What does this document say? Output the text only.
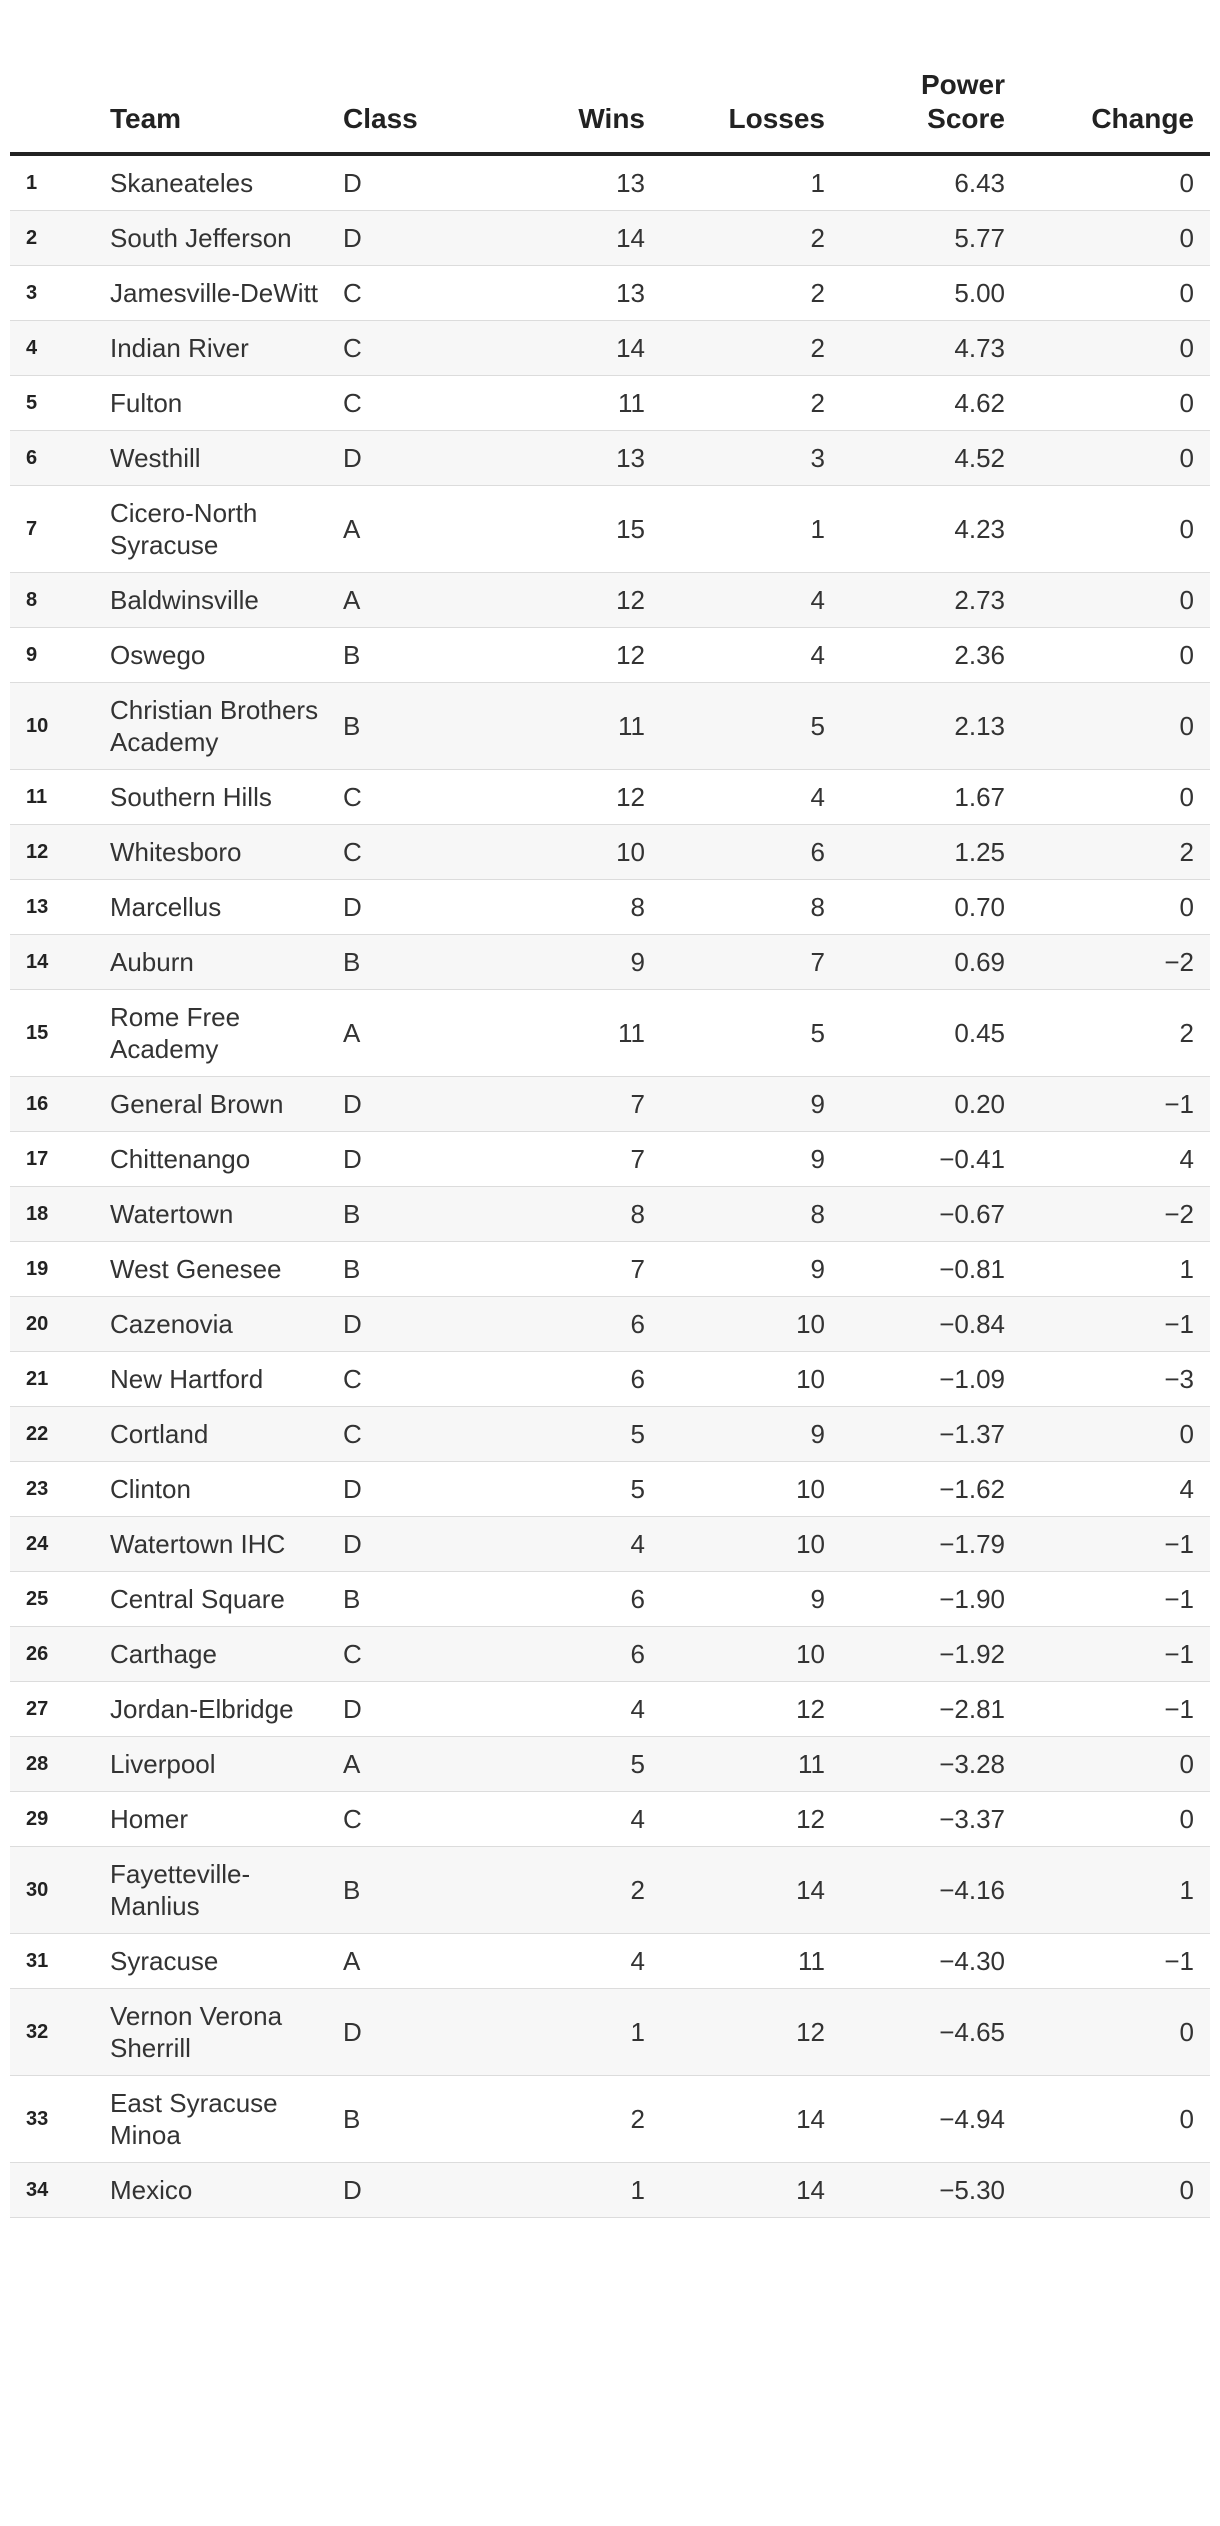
	Team	Class	Wins	Losses	Power Score	Change
1	Skaneateles	D	13	1	6.43	0
2	South Jefferson	D	14	2	5.77	0
3	Jamesville-DeWitt	C	13	2	5.00	0
4	Indian River	C	14	2	4.73	0
5	Fulton	C	11	2	4.62	0
6	Westhill	D	13	3	4.52	0
7	Cicero-North Syracuse	A	15	1	4.23	0
8	Baldwinsville	A	12	4	2.73	0
9	Oswego	B	12	4	2.36	0
10	Christian Brothers Academy	B	11	5	2.13	0
11	Southern Hills	C	12	4	1.67	0
12	Whitesboro	C	10	6	1.25	2
13	Marcellus	D	8	8	0.70	0
14	Auburn	B	9	7	0.69	−2
15	Rome Free Academy	A	11	5	0.45	2
16	General Brown	D	7	9	0.20	−1
17	Chittenango	D	7	9	−0.41	4
18	Watertown	B	8	8	−0.67	−2
19	West Genesee	B	7	9	−0.81	1
20	Cazenovia	D	6	10	−0.84	−1
21	New Hartford	C	6	10	−1.09	−3
22	Cortland	C	5	9	−1.37	0
23	Clinton	D	5	10	−1.62	4
24	Watertown IHC	D	4	10	−1.79	−1
25	Central Square	B	6	9	−1.90	−1
26	Carthage	C	6	10	−1.92	−1
27	Jordan-Elbridge	D	4	12	−2.81	−1
28	Liverpool	A	5	11	−3.28	0
29	Homer	C	4	12	−3.37	0
30	Fayetteville-Manlius	B	2	14	−4.16	1
31	Syracuse	A	4	11	−4.30	−1
32	Vernon Verona Sherrill	D	1	12	−4.65	0
33	East Syracuse Minoa	B	2	14	−4.94	0
34	Mexico	D	1	14	−5.30	0
